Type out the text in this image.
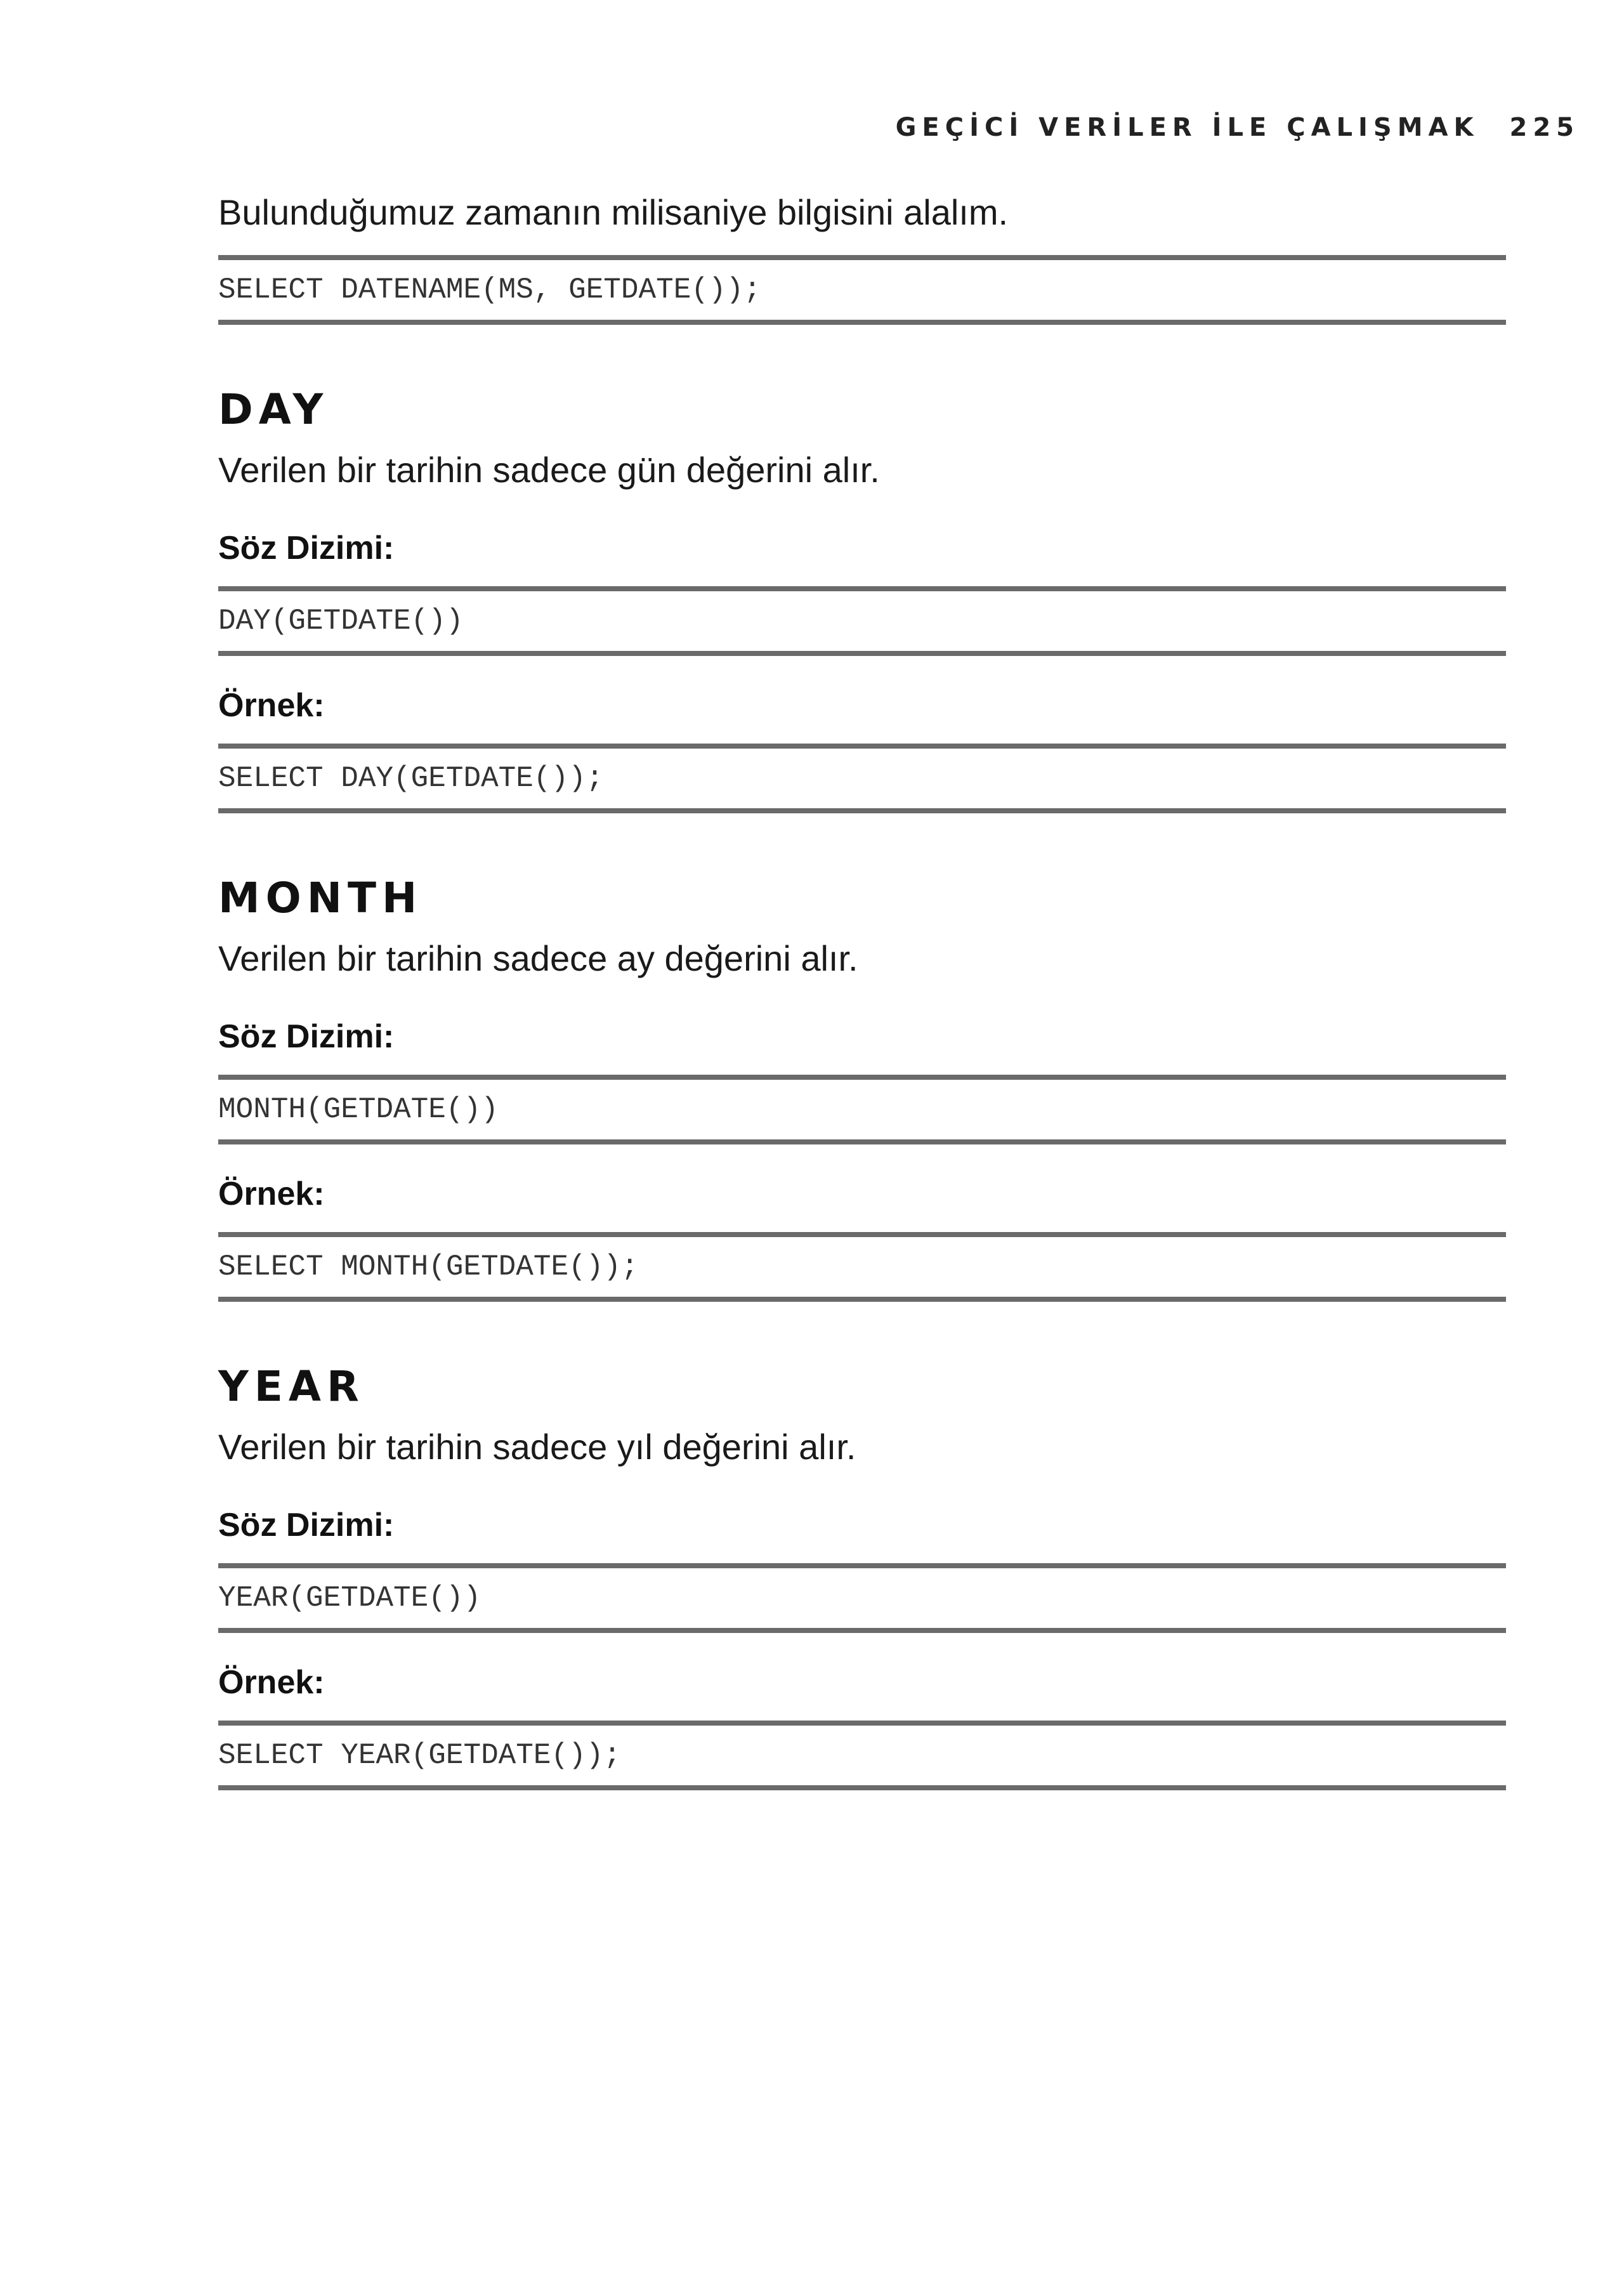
GEÇİCİ VERİLER İLE ÇALIŞMAK 225

Bulunduğumuz zamanın milisaniye bilgisini alalım.

SELECT DATENAME(MS, GETDATE());
DAY

Verilen bir tarihin sadece gün değerini alır.

Söz Dizimi:
DAY(GETDATE())
Örnek:
SELECT DAY(GETDATE());
MONTH

Verilen bir tarihin sadece ay değerini alır.

Söz Dizimi:
MONTH(GETDATE())
Örnek:
SELECT MONTH(GETDATE());
YEAR

Verilen bir tarihin sadece yıl değerini alır.

Söz Dizimi:
YEAR(GETDATE())
Örnek:
SELECT YEAR(GETDATE());
